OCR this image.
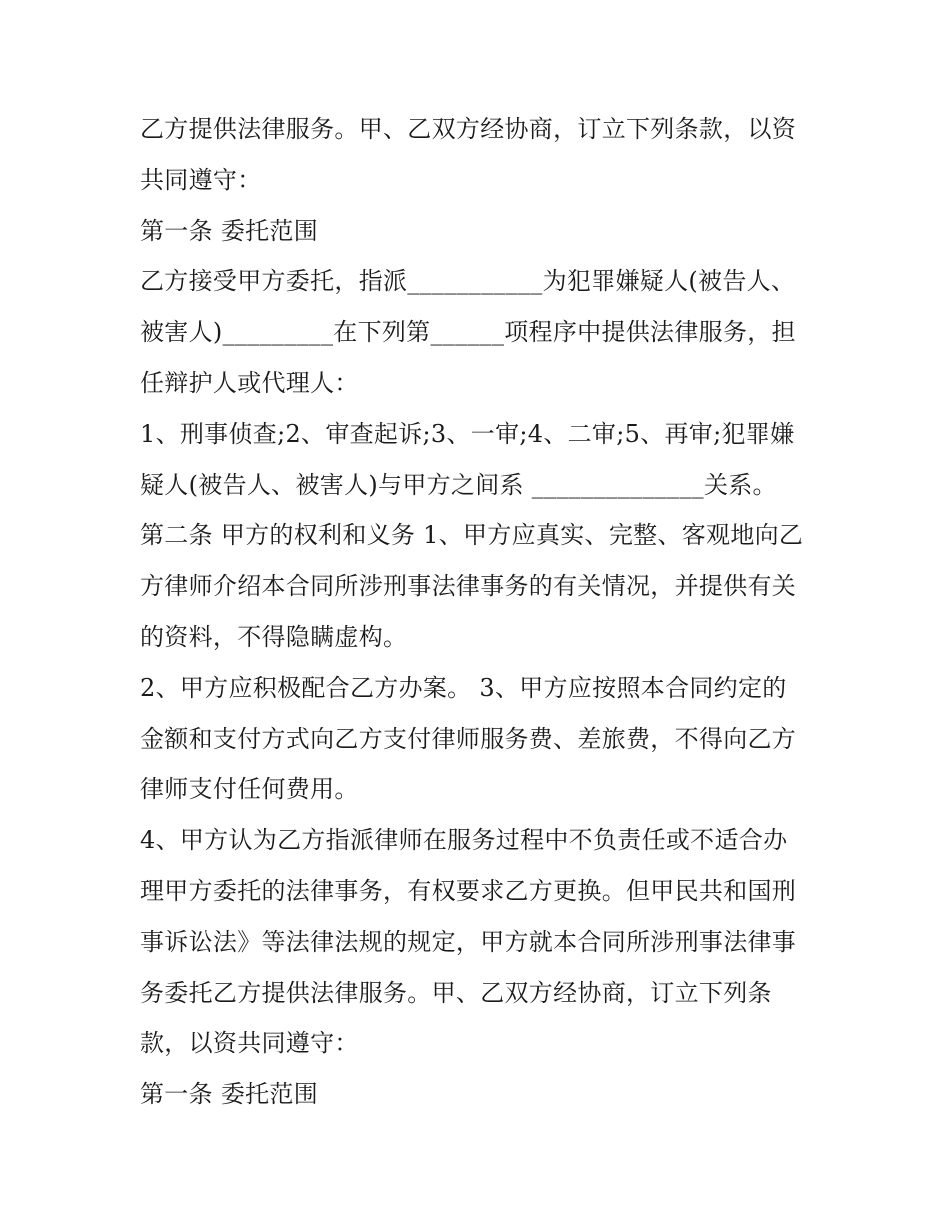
乙方提供法律服务。甲、乙双方经协商，订立下列条款，以资
共同遵守：
第一条 委托范围
乙方接受甲方委托，指派___________为犯罪嫌疑人(被告人、
被害人)_________在下列第______项程序中提供法律服务，担
任辩护人或代理人：
1、刑事侦查;2、审查起诉;3、一审;4、二审;5、再审;犯罪嫌
疑人(被告人、被害人)与甲方之间系 ______________关系。
第二条 甲方的权利和义务 1、甲方应真实、完整、客观地向乙
方律师介绍本合同所涉刑事法律事务的有关情况，并提供有关
的资料，不得隐瞒虚构。
2、甲方应积极配合乙方办案。 3、甲方应按照本合同约定的
金额和支付方式向乙方支付律师服务费、差旅费，不得向乙方
律师支付任何费用。
4、甲方认为乙方指派律师在服务过程中不负责任或不适合办
理甲方委托的法律事务，有权要求乙方更换。但甲民共和国刑
事诉讼法》等法律法规的规定，甲方就本合同所涉刑事法律事
务委托乙方提供法律服务。甲、乙双方经协商，订立下列条
款，以资共同遵守：
第一条 委托范围
